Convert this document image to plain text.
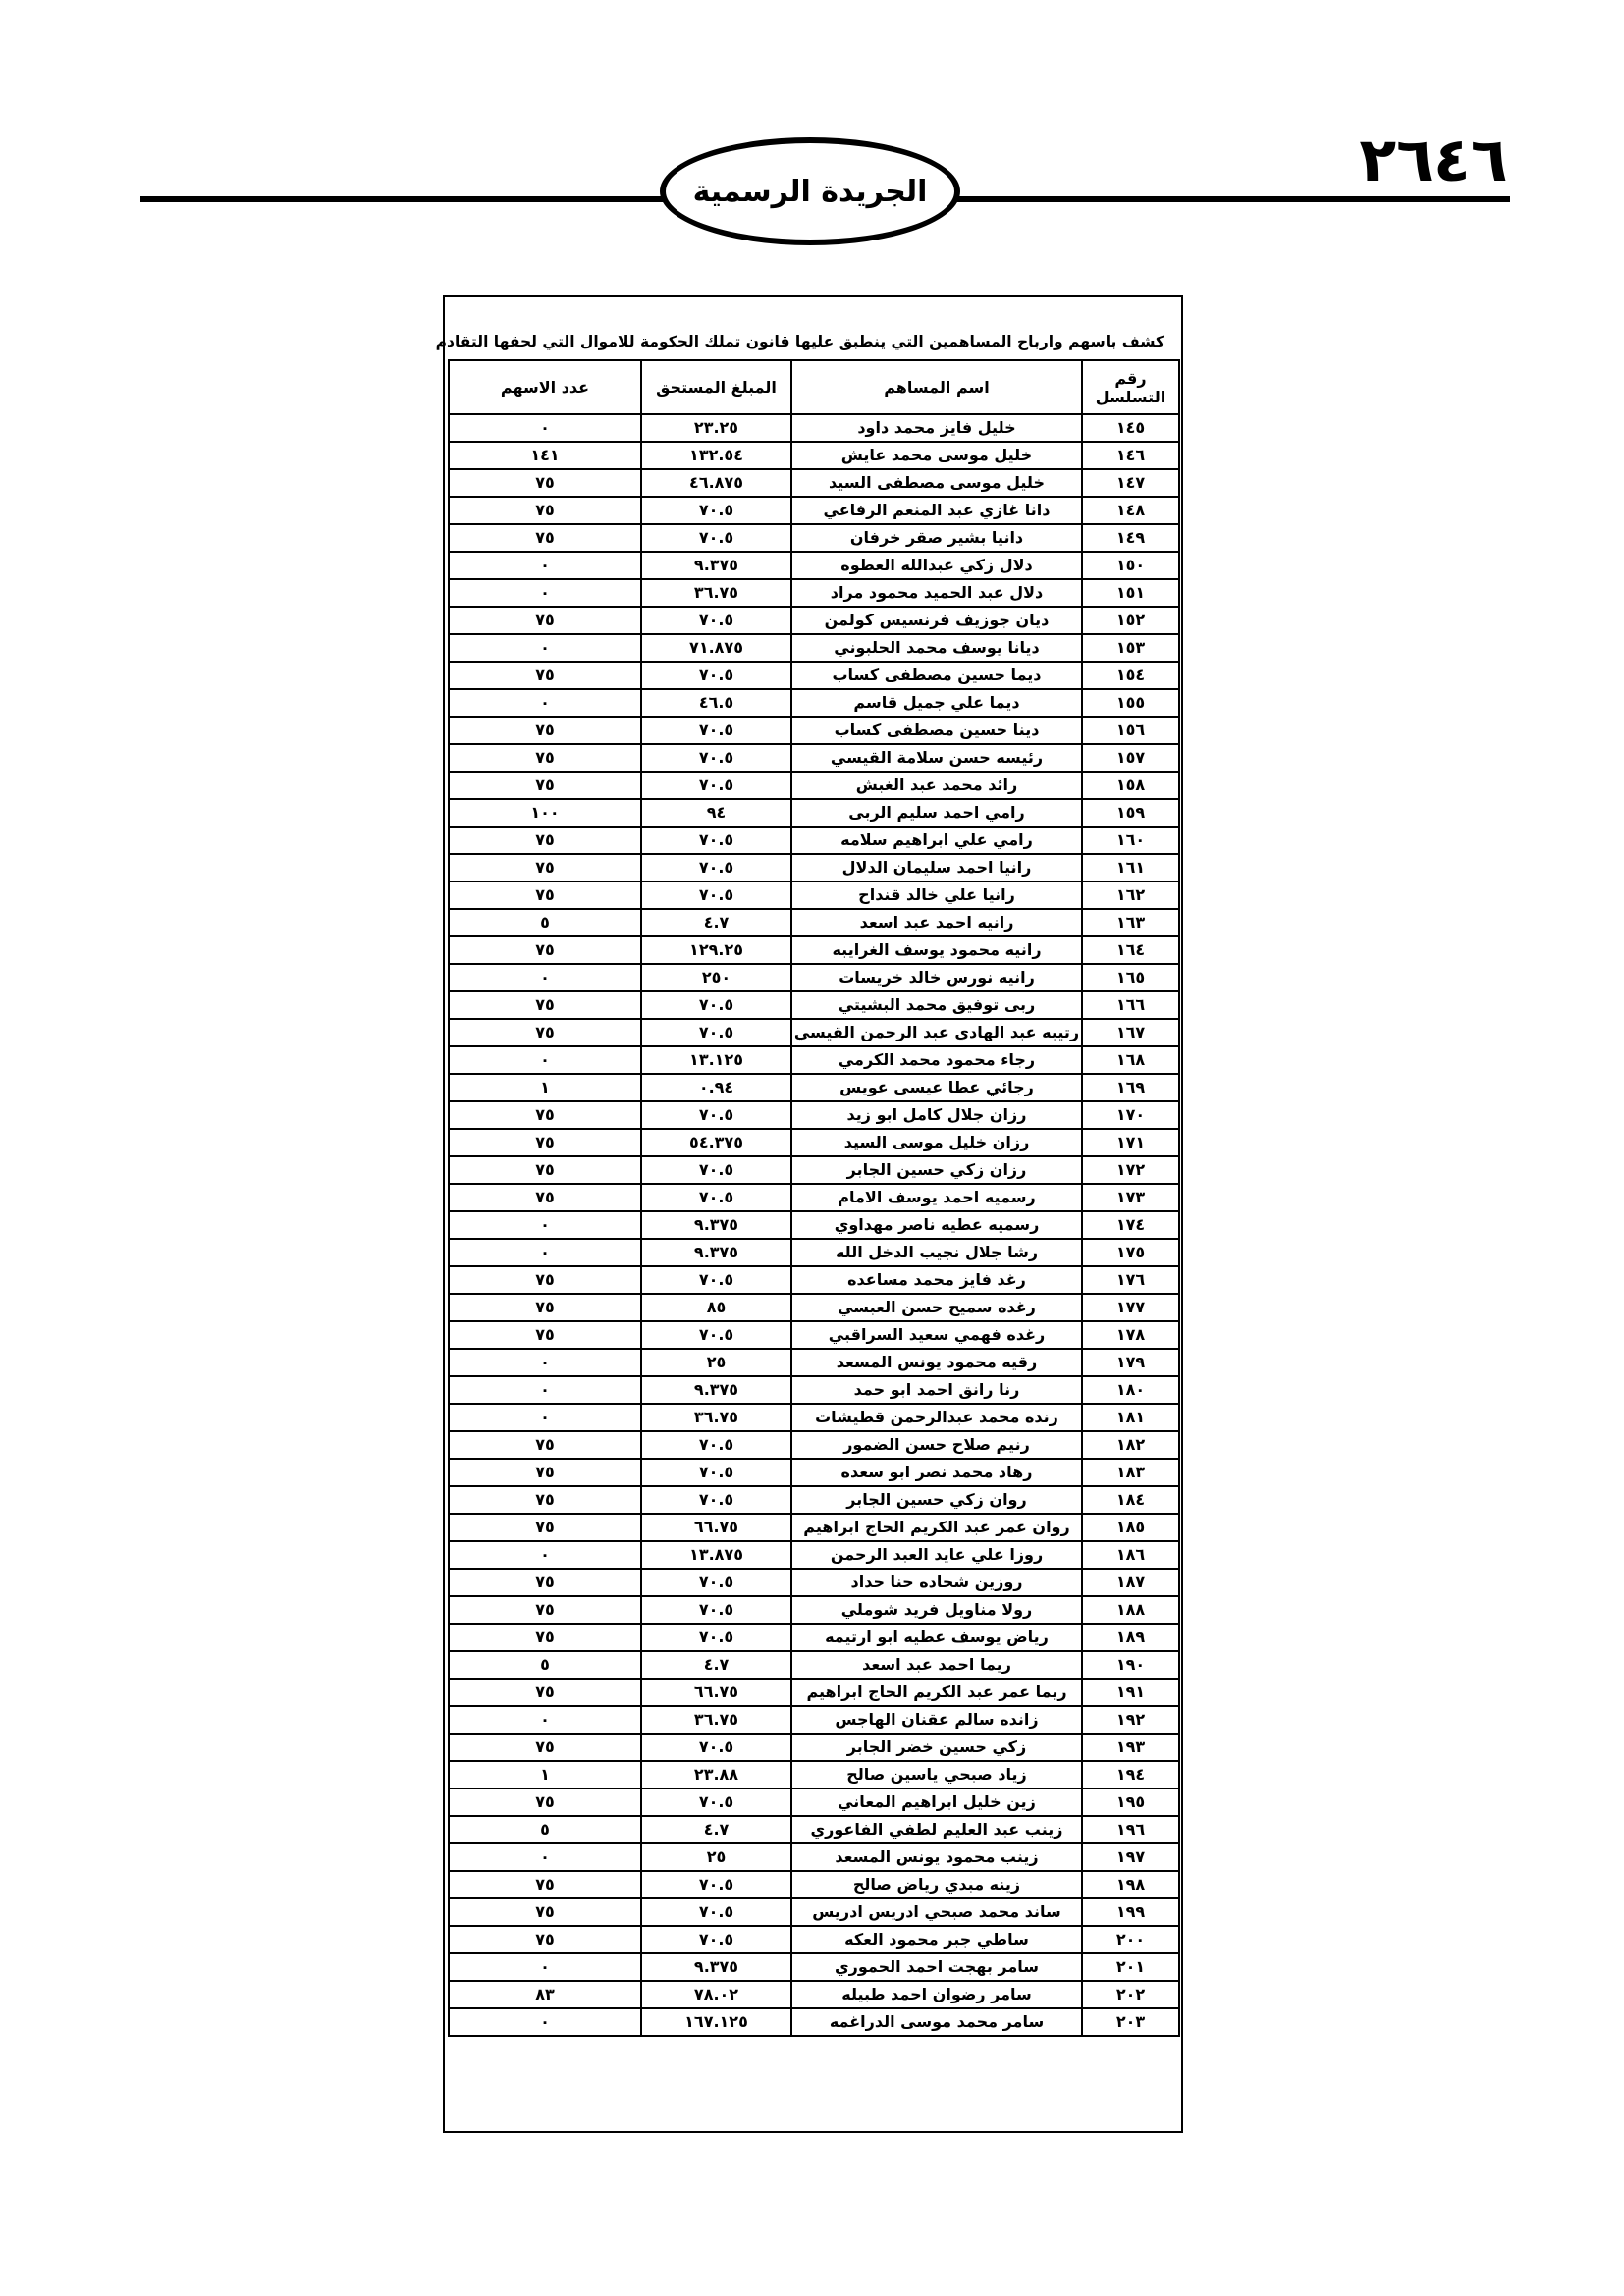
٢٦٤٦
الجريدة الرسمية
كشف باسهم وارباح المساهمين التي ينطبق عليها قانون تملك الحكومة للاموال التي لحقها التقادم
رقم التسلسل	اسم المساهم	المبلغ المستحق	عدد الاسهم
١٤٥	خليل فايز محمد داود	٢٣.٢٥	٠
١٤٦	خليل موسى محمد عايش	١٣٢.٥٤	١٤١
١٤٧	خليل موسى مصطفى السيد	٤٦.٨٧٥	٧٥
١٤٨	دانا غازي عبد المنعم الرفاعي	٧٠.٥	٧٥
١٤٩	دانيا بشير صقر خرفان	٧٠.٥	٧٥
١٥٠	دلال زكي عبدالله العطوه	٩.٣٧٥	٠
١٥١	دلال عبد الحميد محمود مراد	٣٦.٧٥	٠
١٥٢	ديان جوزيف فرنسيس كولمن	٧٠.٥	٧٥
١٥٣	ديانا يوسف محمد الحلبوني	٧١.٨٧٥	٠
١٥٤	ديما حسين مصطفى كساب	٧٠.٥	٧٥
١٥٥	ديما علي جميل قاسم	٤٦.٥	٠
١٥٦	دينا حسين مصطفى كساب	٧٠.٥	٧٥
١٥٧	رئيسه حسن سلامة القيسي	٧٠.٥	٧٥
١٥٨	رائد محمد عبد الغبش	٧٠.٥	٧٥
١٥٩	رامي احمد سليم الربى	٩٤	١٠٠
١٦٠	رامي علي ابراهيم سلامه	٧٠.٥	٧٥
١٦١	رانيا احمد سليمان الدلال	٧٠.٥	٧٥
١٦٢	رانيا علي خالد قنداح	٧٠.٥	٧٥
١٦٣	رانيه احمد عبد اسعد	٤.٧	٥
١٦٤	رانيه محمود يوسف الغرايبه	١٢٩.٢٥	٧٥
١٦٥	رانيه نورس خالد خريسات	٢٥٠	٠
١٦٦	ربى توفيق محمد البشيتي	٧٠.٥	٧٥
١٦٧	رتيبه عبد الهادي عبد الرحمن القيسي	٧٠.٥	٧٥
١٦٨	رجاء محمود محمد الكرمي	١٣.١٢٥	٠
١٦٩	رجائي عطا عيسى عويس	٠.٩٤	١
١٧٠	رزان جلال كامل ابو زيد	٧٠.٥	٧٥
١٧١	رزان خليل موسى السيد	٥٤.٣٧٥	٧٥
١٧٢	رزان زكي حسين الجابر	٧٠.٥	٧٥
١٧٣	رسميه احمد يوسف الامام	٧٠.٥	٧٥
١٧٤	رسميه عطيه ناصر مهداوي	٩.٣٧٥	٠
١٧٥	رشا جلال نجيب الدخل الله	٩.٣٧٥	٠
١٧٦	رغد فايز محمد مساعده	٧٠.٥	٧٥
١٧٧	رغده سميح حسن العبسي	٨٥	٧٥
١٧٨	رغده فهمي سعيد السراقبي	٧٠.٥	٧٥
١٧٩	رقيه محمود يونس المسعد	٢٥	٠
١٨٠	رنا رانق احمد ابو حمد	٩.٣٧٥	٠
١٨١	رنده محمد عبدالرحمن قطيشات	٣٦.٧٥	٠
١٨٢	رنيم صلاح حسن الضمور	٧٠.٥	٧٥
١٨٣	رهاد محمد نصر ابو سعده	٧٠.٥	٧٥
١٨٤	روان زكي حسين الجابر	٧٠.٥	٧٥
١٨٥	روان عمر عبد الكريم الحاج ابراهيم	٦٦.٧٥	٧٥
١٨٦	روزا علي عايد العبد الرحمن	١٣.٨٧٥	٠
١٨٧	روزين شحاده حنا حداد	٧٠.٥	٧٥
١٨٨	رولا مناويل فريد شوملي	٧٠.٥	٧٥
١٨٩	رياض يوسف عطيه ابو ارتيمه	٧٠.٥	٧٥
١٩٠	ريما احمد عبد اسعد	٤.٧	٥
١٩١	ريما عمر عبد الكريم الحاج ابراهيم	٦٦.٧٥	٧٥
١٩٢	زانده سالم عقنان الهاجس	٣٦.٧٥	٠
١٩٣	زكي حسين خضر الجابر	٧٠.٥	٧٥
١٩٤	زياد صبحي ياسين صالح	٢٣.٨٨	١
١٩٥	زين خليل ابراهيم المعاني	٧٠.٥	٧٥
١٩٦	زينب عبد العليم لطفي الفاعوري	٤.٧	٥
١٩٧	زينب محمود يونس المسعد	٢٥	٠
١٩٨	زينه مبدي رياض صالح	٧٠.٥	٧٥
١٩٩	ساند محمد صبحي ادريس ادريس	٧٠.٥	٧٥
٢٠٠	ساطي جبر محمود العكه	٧٠.٥	٧٥
٢٠١	سامر بهجت احمد الحموري	٩.٣٧٥	٠
٢٠٢	سامر رضوان احمد طبيله	٧٨.٠٢	٨٣
٢٠٣	سامر محمد موسى الدراغمه	١٦٧.١٢٥	٠
